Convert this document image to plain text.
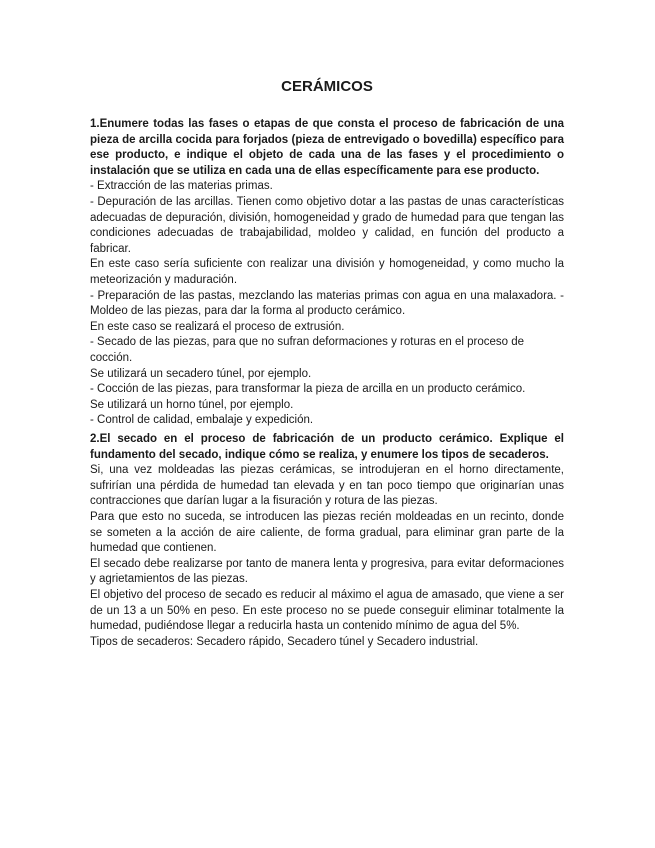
CERÁMICOS

1.Enumere todas las fases o etapas de que consta el proceso de fabricación de una pieza de arcilla cocida para forjados (pieza de entrevigado o bovedilla) específico para ese producto, e indique el objeto de cada una de las fases y el procedimiento o instalación que se utiliza en cada una de ellas específicamente para ese producto.

- Extracción de las materias primas.

- Depuración de las arcillas. Tienen como objetivo dotar a las pastas de unas características adecuadas de depuración, división, homogeneidad y grado de humedad para que tengan las condiciones adecuadas de trabajabilidad, moldeo y calidad, en función del producto a fabricar.

En este caso sería suficiente con realizar una división y homogeneidad, y como mucho la meteorización y maduración.

- Preparación de las pastas, mezclando las materias primas con agua en una malaxadora. - Moldeo de las piezas, para dar la forma al producto cerámico.

En este caso se realizará el proceso de extrusión.

- Secado de las piezas, para que no sufran deformaciones y roturas en el proceso de cocción.

Se utilizará un secadero túnel, por ejemplo.

- Cocción de las piezas, para transformar la pieza de arcilla en un producto cerámico.

Se utilizará un horno túnel, por ejemplo.

- Control de calidad, embalaje y expedición.

2.El secado en el proceso de fabricación de un producto cerámico. Explique el fundamento del secado, indique cómo se realiza, y enumere los tipos de secaderos.

Si, una vez moldeadas las piezas cerámicas, se introdujeran en el horno directamente, sufrirían una pérdida de humedad tan elevada y en tan poco tiempo que originarían unas contracciones que darían lugar a la fisuración y rotura de las piezas.

Para que esto no suceda, se introducen las piezas recién moldeadas en un recinto, donde se someten a la acción de aire caliente, de forma gradual, para eliminar gran parte de la humedad que contienen.

El secado debe realizarse por tanto de manera lenta y progresiva, para evitar deformaciones y agrietamientos de las piezas.

El objetivo del proceso de secado es reducir al máximo el agua de amasado, que viene a ser de un 13 a un 50% en peso. En este proceso no se puede conseguir eliminar totalmente la humedad, pudiéndose llegar a reducirla hasta un contenido mínimo de agua del 5%.

Tipos de secaderos: Secadero rápido, Secadero túnel y Secadero industrial.
